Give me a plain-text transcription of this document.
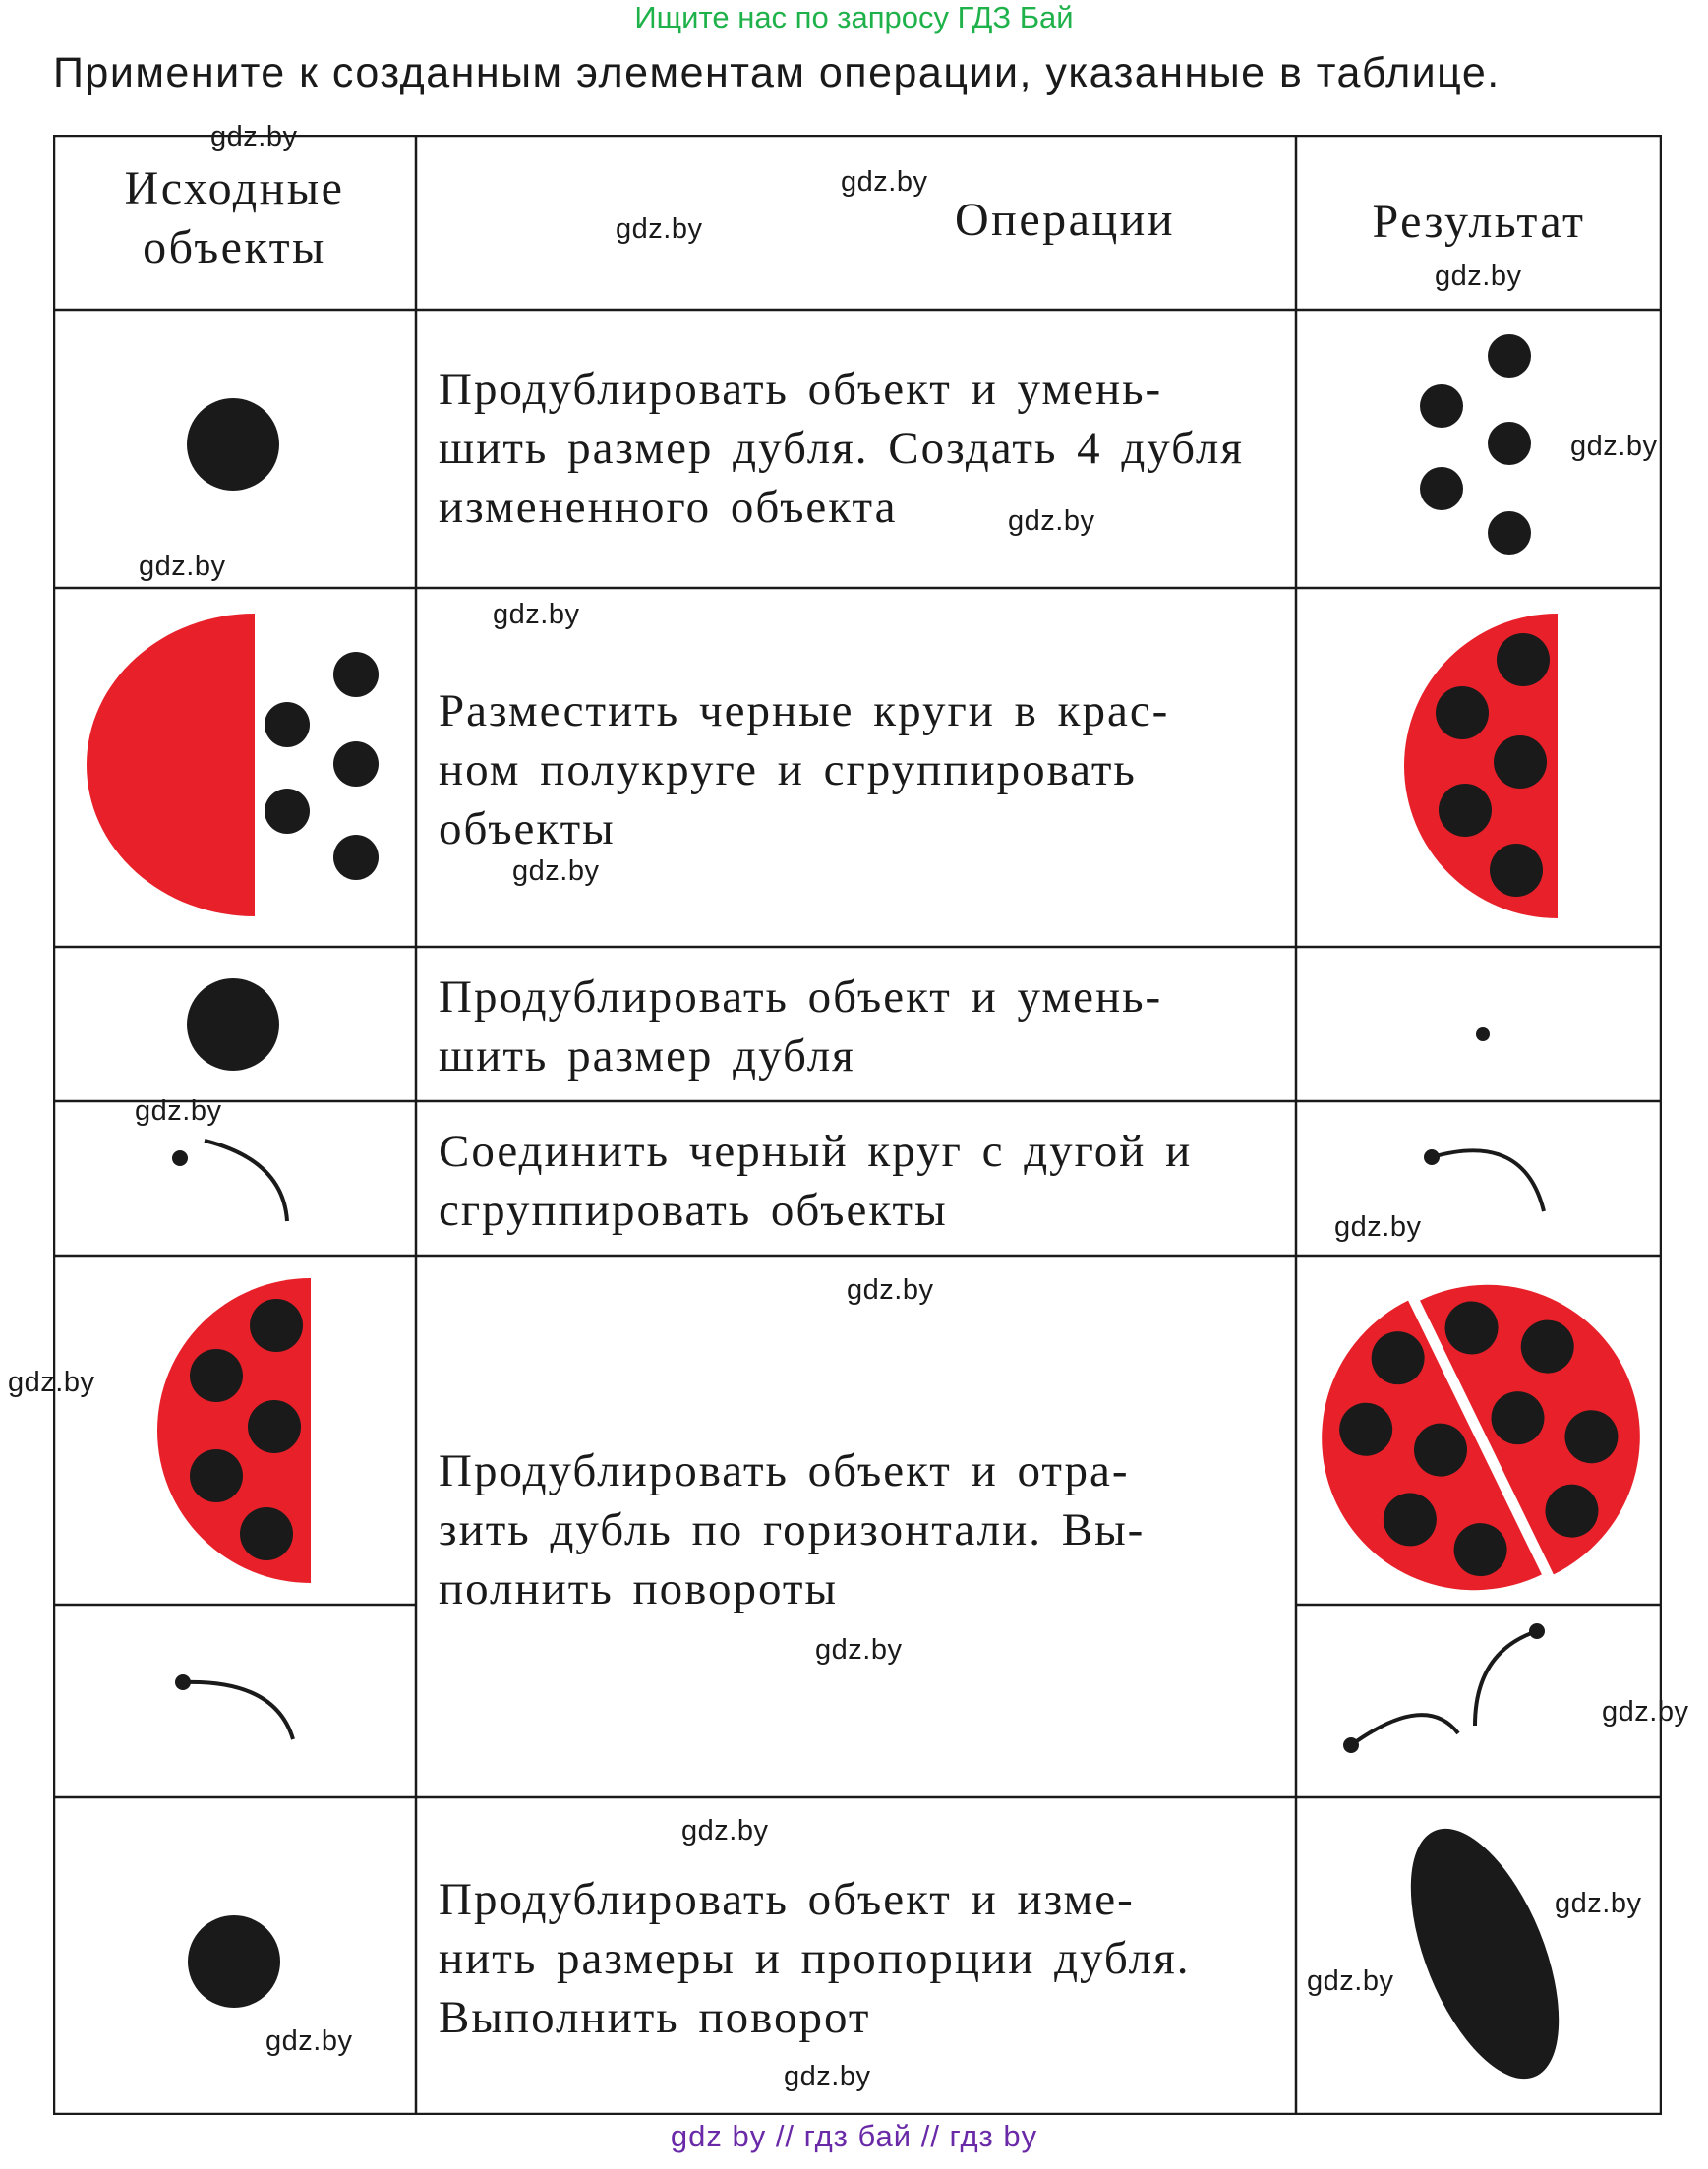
Ищите нас по запросу ГДЗ Бай
Примените к созданным элементам операции, указанные в таблице.
Исходные
объекты
Операции	Результат
Продублировать объект и умень-
шить размер дубля. Создать 4 дубля
измененного объекта
Разместить черные круги в крас-
ном полукруге и сгруппировать
объекты
Продублировать объект и умень-
шить размер дубля
Соединить черный круг с дугой и
сгруппировать объекты
Продублировать объект и отра-
зить дубль по горизонтали. Вы-
полнить повороты
Продублировать объект и изме-
нить размеры и пропорции дубля.
Выполнить поворот
gdz.by
gdz.by
gdz.by
gdz.by
gdz.by
gdz.by
gdz.by
gdz.by
gdz.by
gdz.by
gdz.by
gdz.by
gdz.by
gdz.by
gdz.by
gdz.by
gdz.by
gdz.by
gdz.by
gdz.by
gdz by // гдз бай // гдз by
